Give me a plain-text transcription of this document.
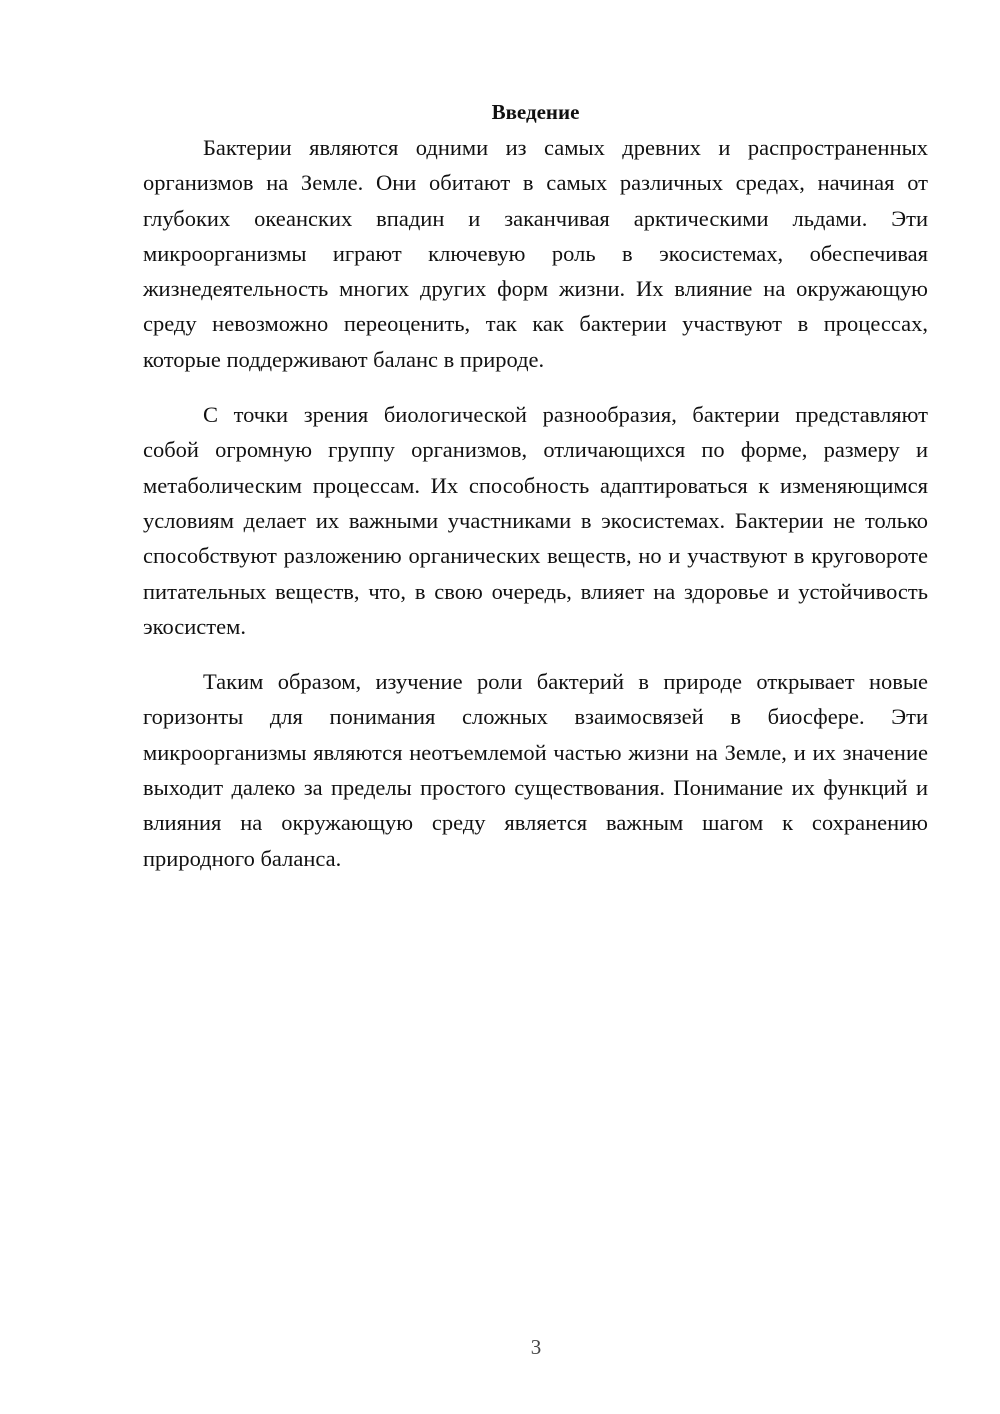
Введение

Бактерии являются одними из самых древних и распространенных организмов на Земле. Они обитают в самых различных средах, начиная от глубоких океанских впадин и заканчивая арктическими льдами. Эти микроорганизмы играют ключевую роль в экосистемах, обеспечивая жизнедеятельность многих других форм жизни. Их влияние на окружающую среду невозможно переоценить, так как бактерии участвуют в процессах, которые поддерживают баланс в природе.

С точки зрения биологической разнообразия, бактерии представляют собой огромную группу организмов, отличающихся по форме, размеру и метаболическим процессам. Их способность адаптироваться к изменяющимся условиям делает их важными участниками в экосистемах. Бактерии не только способствуют разложению органических веществ, но и участвуют в круговороте питательных веществ, что, в свою очередь, влияет на здоровье и устойчивость экосистем.

Таким образом, изучение роли бактерий в природе открывает новые горизонты для понимания сложных взаимосвязей в биосфере. Эти микроорганизмы являются неотъемлемой частью жизни на Земле, и их значение выходит далеко за пределы простого существования. Понимание их функций и влияния на окружающую среду является важным шагом к сохранению природного баланса.

3
